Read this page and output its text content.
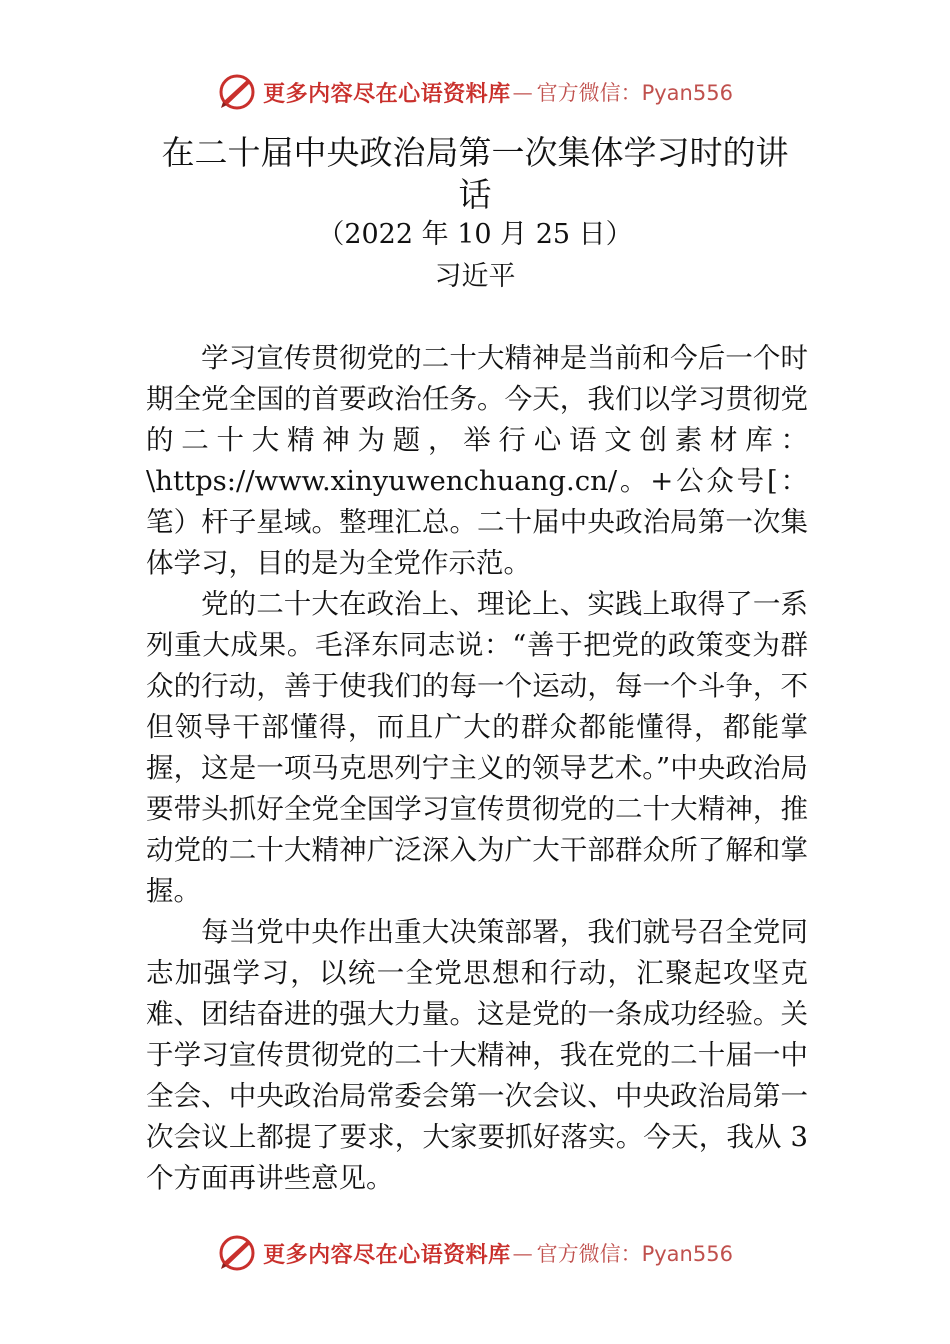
更多内容尽在心语资料库 — 官方微信：Pyan556
在二十届中央政治局第一次集体学习时的讲话
（2022 年 10 月 25 日） 习近平

学习宣传贯彻党的二十大精神是当前和今后一个时期全党全国的首要政治任务。今天，我们以学习贯彻党的二十大精神为题，举行心语文创素材库：\https://www.xinyuwenchuang.cn/。+公众号[：笔）杆子星域。整理汇总。二十届中央政治局第一次集体学习，目的是为全党作示范。

党的二十大在政治上、理论上、实践上取得了一系列重大成果。毛泽东同志说：“善于把党的政策变为群众的行动，善于使我们的每一个运动，每一个斗争，不但领导干部懂得，而且广大的群众都能懂得，都能掌握，这是一项马克思列宁主义的领导艺术。”中央政治局要带头抓好全党全国学习宣传贯彻党的二十大精神，推动党的二十大精神广泛深入为广大干部群众所了解和掌握。

每当党中央作出重大决策部署，我们就号召全党同志加强学习，以统一全党思想和行动，汇聚起攻坚克难、团结奋进的强大力量。这是党的一条成功经验。关于学习宣传贯彻党的二十大精神，我在党的二十届一中全会、中央政治局常委会第一次会议、中央政治局第一次会议上都提了要求，大家要抓好落实。今天，我从 3 个方面再讲些意见。

更多内容尽在心语资料库 — 官方微信：Pyan556
